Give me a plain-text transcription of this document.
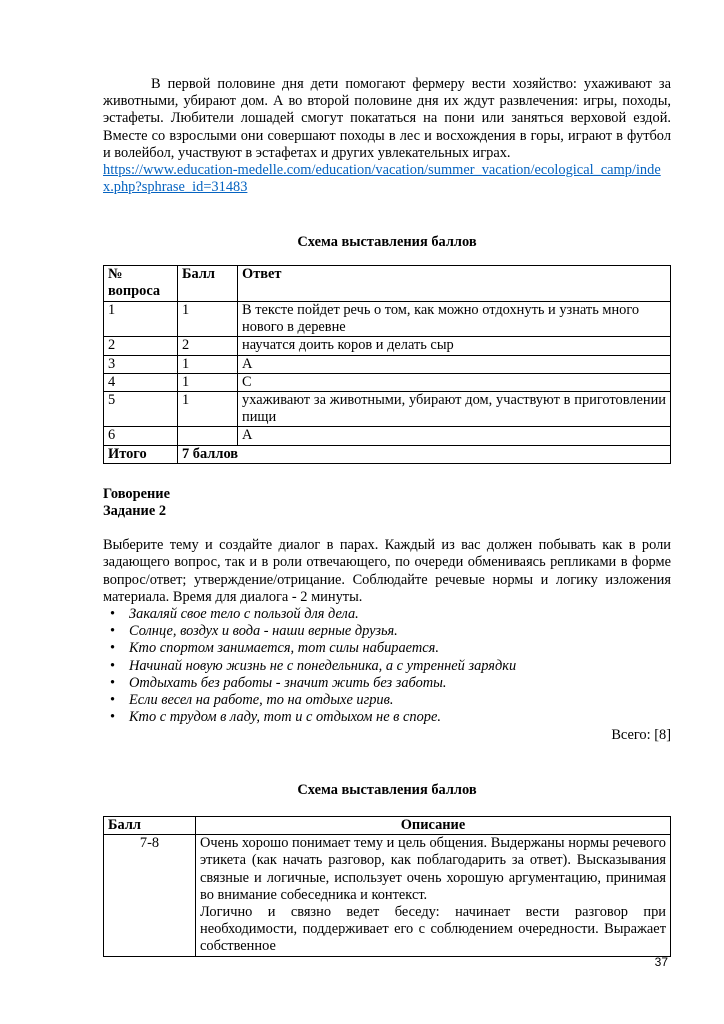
В первой половине дня дети помогают фермеру вести хозяйство: ухаживают за животными, убирают дом. А во второй половине дня их ждут развлечения: игры, походы, эстафеты. Любители лошадей смогут покататься на пони или заняться верховой ездой. Вместе со взрослыми они совершают походы в лес и восхождения в горы, играют в футбол и волейбол, участвуют в эстафетах и других увлекательных играх.

https://www.education-medelle.com/education/vacation/summer_vacation/ecological_camp/index.php?sphrase_id=31483
Схема выставления баллов
№ вопроса	Балл	Ответ
1	1	В тексте пойдет речь о том, как можно отдохнуть и узнать много нового в деревне
2	2	научатся доить коров и делать сыр
3	1	A
4	1	C
5	1	ухаживают за животными, убирают дом, участвуют в приготовлении пищи
6		A
Итого	7 баллов	
Говорение
Задание 2

Выберите тему и создайте диалог в парах. Каждый из вас должен побывать как в роли задающего вопрос, так и в роли отвечающего, по очереди обмениваясь репликами в форме вопрос/ответ; утверждение/отрицание. Соблюдайте речевые нормы и логику изложения материала. Время для диалога - 2 минуты.

• Закаляй свое тело с пользой для дела.
• Солнце, воздух и вода - наши верные друзья.
• Кто спортом занимается, тот силы набирается.
• Начинай новую жизнь не с понедельника, а с утренней зарядки
• Отдыхать без работы - значит жить без заботы.
• Если весел на работе, то на отдыхе игрив.
• Кто с трудом в ладу, тот и с отдыхом не в споре.
Всего: [8]
Схема выставления баллов
Балл	Описание
7-8	Очень хорошо понимает тему и цель общения. Выдержаны нормы речевого этикета (как начать разговор, как поблагодарить за ответ). Высказывания связные и логичные, использует очень хорошую аргументацию, принимая во внимание собеседника и контекст.
Логично и связно ведет беседу: начинает вести разговор при необходимости, поддерживает его с соблюдением очередности. Выражает собственное
37
